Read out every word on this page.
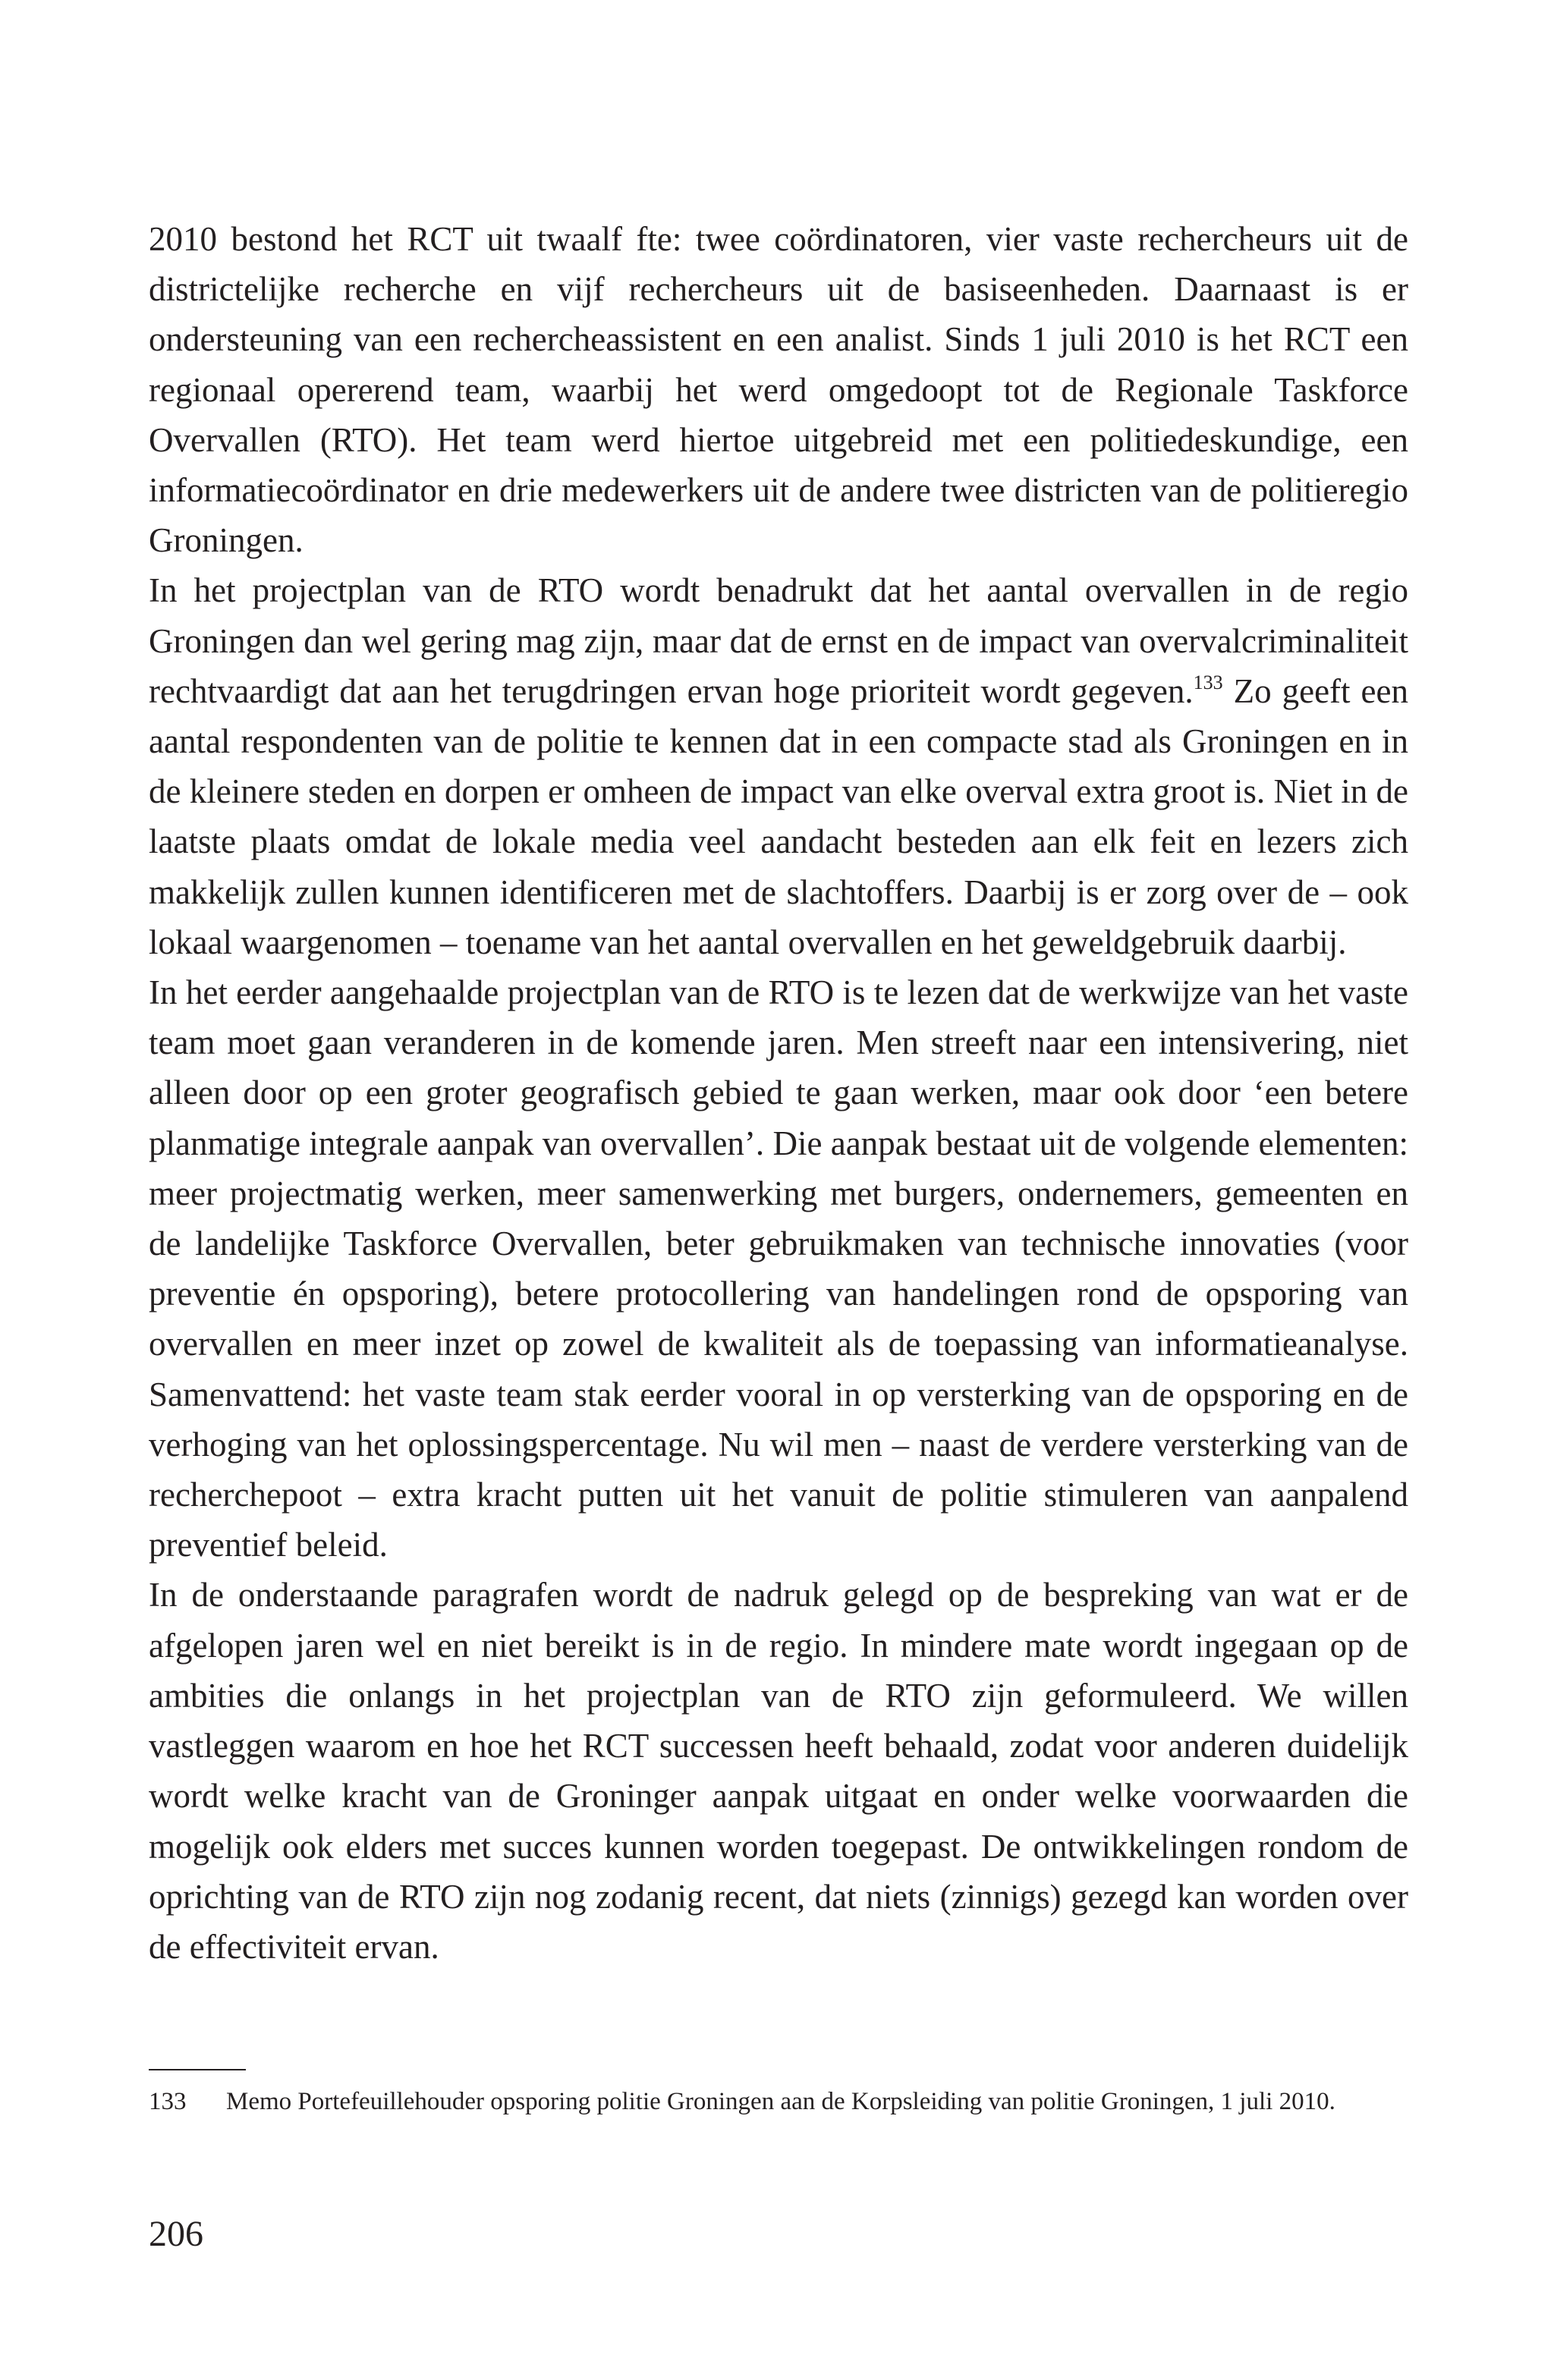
2010 bestond het RCT uit twaalf fte: twee coördinatoren, vier vaste rechercheurs uit de districtelijke recherche en vijf rechercheurs uit de basiseenheden. Daarnaast is er ondersteuning van een rechercheassistent en een analist. Sinds 1 juli 2010 is het RCT een regionaal opererend team, waarbij het werd omgedoopt tot de Regionale Taskforce Overvallen (RTO). Het team werd hiertoe uitgebreid met een politiedeskundige, een informatiecoördinator en drie medewerkers uit de andere twee districten van de politieregio Groningen.

In het projectplan van de RTO wordt benadrukt dat het aantal overvallen in de regio Groningen dan wel gering mag zijn, maar dat de ernst en de impact van overvalcriminaliteit rechtvaardigt dat aan het terugdringen ervan hoge prioriteit wordt gegeven.$^{133}$ Zo geeft een aantal respondenten van de politie te kennen dat in een compacte stad als Groningen en in de kleinere steden en dorpen er omheen de impact van elke overval extra groot is. Niet in de laatste plaats omdat de lokale media veel aandacht besteden aan elk feit en lezers zich makkelijk zullen kunnen identificeren met de slachtoffers. Daarbij is er zorg over de – ook lokaal waargenomen – toename van het aantal overvallen en het geweldgebruik daarbij.

In het eerder aangehaalde projectplan van de RTO is te lezen dat de werkwijze van het vaste team moet gaan veranderen in de komende jaren. Men streeft naar een intensivering, niet alleen door op een groter geografisch gebied te gaan werken, maar ook door ‘een betere planmatige integrale aanpak van overvallen’. Die aanpak bestaat uit de volgende elementen: meer projectmatig werken, meer samenwerking met burgers, ondernemers, gemeenten en de landelijke Taskforce Overvallen, beter gebruikmaken van technische innovaties (voor preventie én opsporing), betere protocollering van handelingen rond de opsporing van overvallen en meer inzet op zowel de kwaliteit als de toepassing van informatieanalyse. Samenvattend: het vaste team stak eerder vooral in op versterking van de opsporing en de verhoging van het oplossingspercentage. Nu wil men – naast de verdere versterking van de recherchepoot – extra kracht putten uit het vanuit de politie stimuleren van aanpalend preventief beleid.

In de onderstaande paragrafen wordt de nadruk gelegd op de bespreking van wat er de afgelopen jaren wel en niet bereikt is in de regio. In mindere mate wordt ingegaan op de ambities die onlangs in het projectplan van de RTO zijn geformuleerd. We willen vastleggen waarom en hoe het RCT successen heeft behaald, zodat voor anderen duidelijk wordt welke kracht van de Groninger aanpak uitgaat en onder welke voorwaarden die mogelijk ook elders met succes kunnen worden toegepast. De ontwikkelingen rondom de oprichting van de RTO zijn nog zodanig recent, dat niets (zinnigs) gezegd kan worden over de effectiviteit ervan.

133	Memo Portefeuillehouder opsporing politie Groningen aan de Korpsleiding van politie Groningen, 1 juli 2010.
206
